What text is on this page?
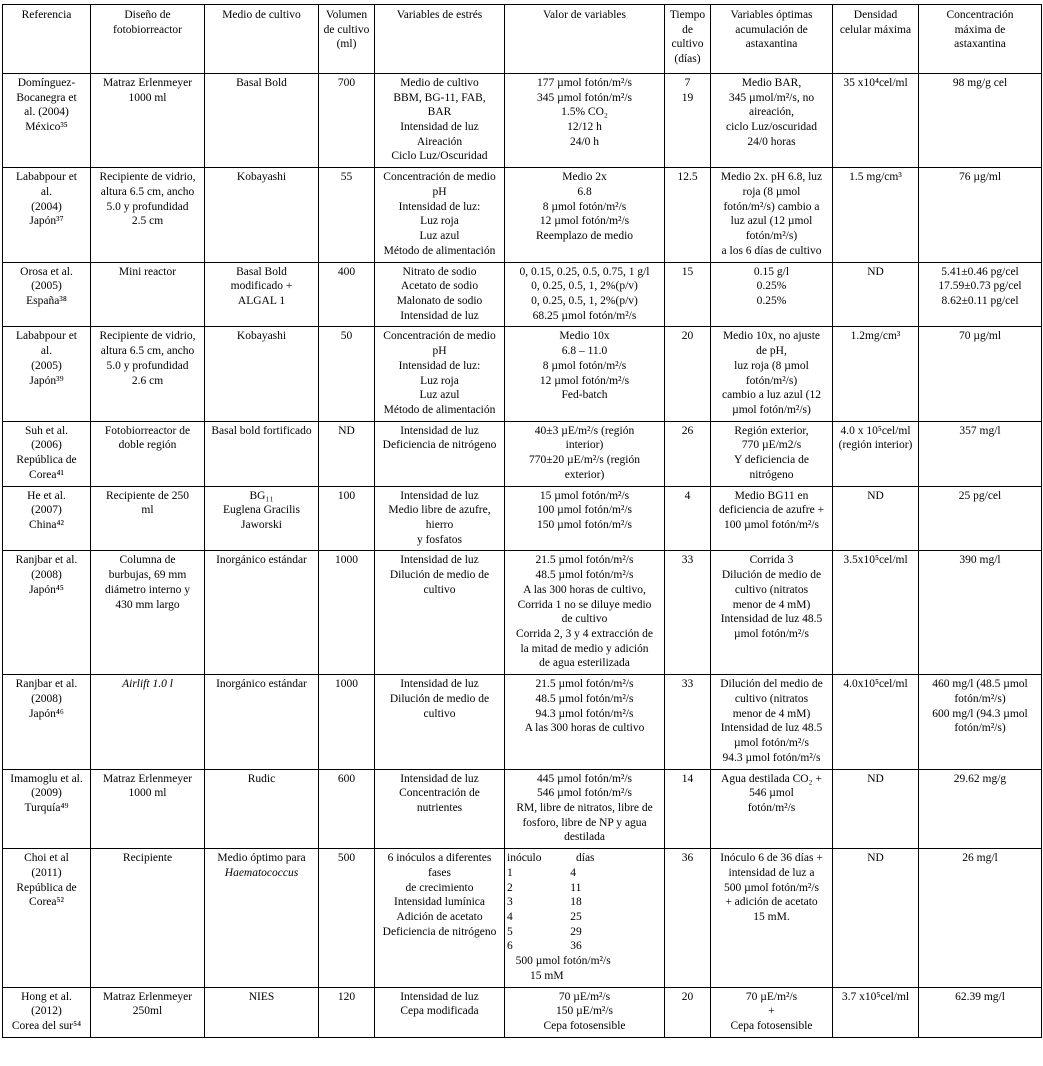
Referencia	Diseño de
fotobiorreactor	Medio de cultivo	Volumen
de cultivo
(ml)	Variables de estrés	Valor de variables	Tiempo
de
cultivo
(días)	Variables óptimas
acumulación de
astaxantina	Densidad
celular máxima	Concentración
máxima de
astaxantina
Domínguez-
Bocanegra et
al. (2004)
México³⁵	Matraz Erlenmeyer
1000 ml	Basal Bold	700	Medio de cultivo
BBM, BG-11, FAB,
BAR
Intensidad de luz
Aireación
Ciclo Luz/Oscuridad	177 µmol fotón/m²/s
345 µmol fotón/m²/s
1.5% CO₂
12/12 h
24/0 h	7
19	Medio BAR,
345 µmol/m²/s, no
aireación,
ciclo Luz/oscuridad
24/0 horas	35 x10⁴cel/ml	98 mg/g cel
Lababpour et
al.
(2004)
Japón³⁷	Recipiente de vidrio,
altura 6.5 cm, ancho
5.0 y profundidad
2.5 cm	Kobayashi	55	Concentración de medio
pH
Intensidad de luz:
Luz roja
Luz azul
Método de alimentación	Medio 2x
6.8
8 µmol fotón/m²/s
12 µmol fotón/m²/s
Reemplazo de medio	12.5	Medio 2x. pH 6.8, luz
roja (8 µmol
fotón/m²/s) cambio a
luz azul (12 µmol
fotón/m²/s)
a los 6 días de cultivo	1.5 mg/cm³	76 µg/ml
Orosa et al.
(2005)
España³⁸	Mini reactor	Basal Bold
modificado +
ALGAL 1	400	Nitrato de sodio
Acetato de sodio
Malonato de sodio
Intensidad de luz	0, 0.15, 0.25, 0.5, 0.75, 1 g/l
0, 0.25, 0.5, 1, 2%(p/v)
0, 0.25, 0.5, 1, 2%(p/v)
68.25 µmol fotón/m²/s	15	0.15 g/l
0.25%
0.25%	ND	5.41±0.46 pg/cel
17.59±0.73 pg/cel
8.62±0.11 pg/cel
Lababpour et
al.
(2005)
Japón³⁹	Recipiente de vidrio,
altura 6.5 cm, ancho
5.0 y profundidad
2.6 cm	Kobayashi	50	Concentración de medio
pH
Intensidad de luz:
Luz roja
Luz azul
Método de alimentación	Medio 10x
6.8 – 11.0
8 µmol fotón/m²/s
12 µmol fotón/m²/s
Fed-batch	20	Medio 10x, no ajuste
de pH,
luz roja (8 µmol
fotón/m²/s)
cambio a luz azul (12
µmol fotón/m²/s)	1.2mg/cm³	70 µg/ml
Suh et al.
(2006)
República de
Corea⁴¹	Fotobiorreactor de
doble región	Basal bold fortificado	ND	Intensidad de luz
Deficiencia de nitrógeno	40±3 µE/m²/s (región
interior)
770±20 µE/m²/s (región
exterior)	26	Región exterior,
770 µE/m2/s
Y deficiencia de
nitrógeno	4.0 x 10⁵cel/ml
(región interior)	357 mg/l
He et al.
(2007)
China⁴²	Recipiente de 250
ml	BG₁₁
Euglena Gracilis
Jaworski	100	Intensidad de luz
Medio libre de azufre,
hierro
y fosfatos	15 µmol fotón/m²/s
100 µmol fotón/m²/s
150 µmol fotón/m²/s	4	Medio BG11 en
deficiencia de azufre +
100 µmol fotón/m²/s	ND	25 pg/cel
Ranjbar et al.
(2008)
Japón⁴⁵	Columna de
burbujas, 69 mm
diámetro interno y
430 mm largo	Inorgánico estándar	1000	Intensidad de luz
Dilución de medio de
cultivo	21.5 µmol fotón/m²/s
48.5 µmol fotón/m²/s
A las 300 horas de cultivo,
Corrida 1 no se diluye medio
de cultivo
Corrida 2, 3 y 4 extracción de
la mitad de medio y adición
de agua esterilizada	33	Corrida 3
Dilución de medio de
cultivo (nitratos
menor de 4 mM)
Intensidad de luz 48.5
µmol fotón/m²/s	3.5x10⁵cel/ml	390 mg/l
Ranjbar et al.
(2008)
Japón⁴⁶	Airlift 1.0 l	Inorgánico estándar	1000	Intensidad de luz
Dilución de medio de
cultivo	21.5 µmol fotón/m²/s
48.5 µmol fotón/m²/s
94.3 µmol fotón/m²/s
A las 300 horas de cultivo	33	Dilución del medio de
cultivo (nitratos
menor de 4 mM)
Intensidad de luz 48.5
µmol fotón/m²/s
94.3 µmol fotón/m²/s	4.0x10⁵cel/ml	460 mg/l (48.5 µmol
fotón/m²/s)
600 mg/l (94.3 µmol
fotón/m²/s)
Imamoglu et al.
(2009)
Turquía⁴⁹	Matraz Erlenmeyer
1000 ml	Rudic	600	Intensidad de luz
Concentración de
nutrientes	445 µmol fotón/m²/s
546 µmol fotón/m²/s
RM, libre de nitratos, libre de
fosforo, libre de NP y agua
destilada	14	Agua destilada CO₂ +
546 µmol
fotón/m²/s	ND	29.62 mg/g
Choi et al
(2011)
República de
Corea⁵²	Recipiente	Medio óptimo para
Haematococcus	500	6 inóculos a diferentes
fases
de crecimiento
Intensidad lumínica
Adición de acetato
Deficiencia de nitrógeno	inóculo            días
1                    4
2                    11
3                    18
4                    25
5                    29
6                    36
500 µmol fotón/m²/s
15 mM	36	Inóculo 6 de 36 días +
intensidad de luz a
500 µmol fotón/m²/s
+ adición de acetato
15 mM.	ND	26 mg/l
Hong et al.
(2012)
Corea del sur⁵⁴	Matraz Erlenmeyer
250ml	NIES	120	Intensidad de luz
Cepa modificada	70 µE/m²/s
150 µE/m²/s
Cepa fotosensible	20	70 µE/m²/s
+
Cepa fotosensible	3.7 x10⁵cel/ml	62.39 mg/l
